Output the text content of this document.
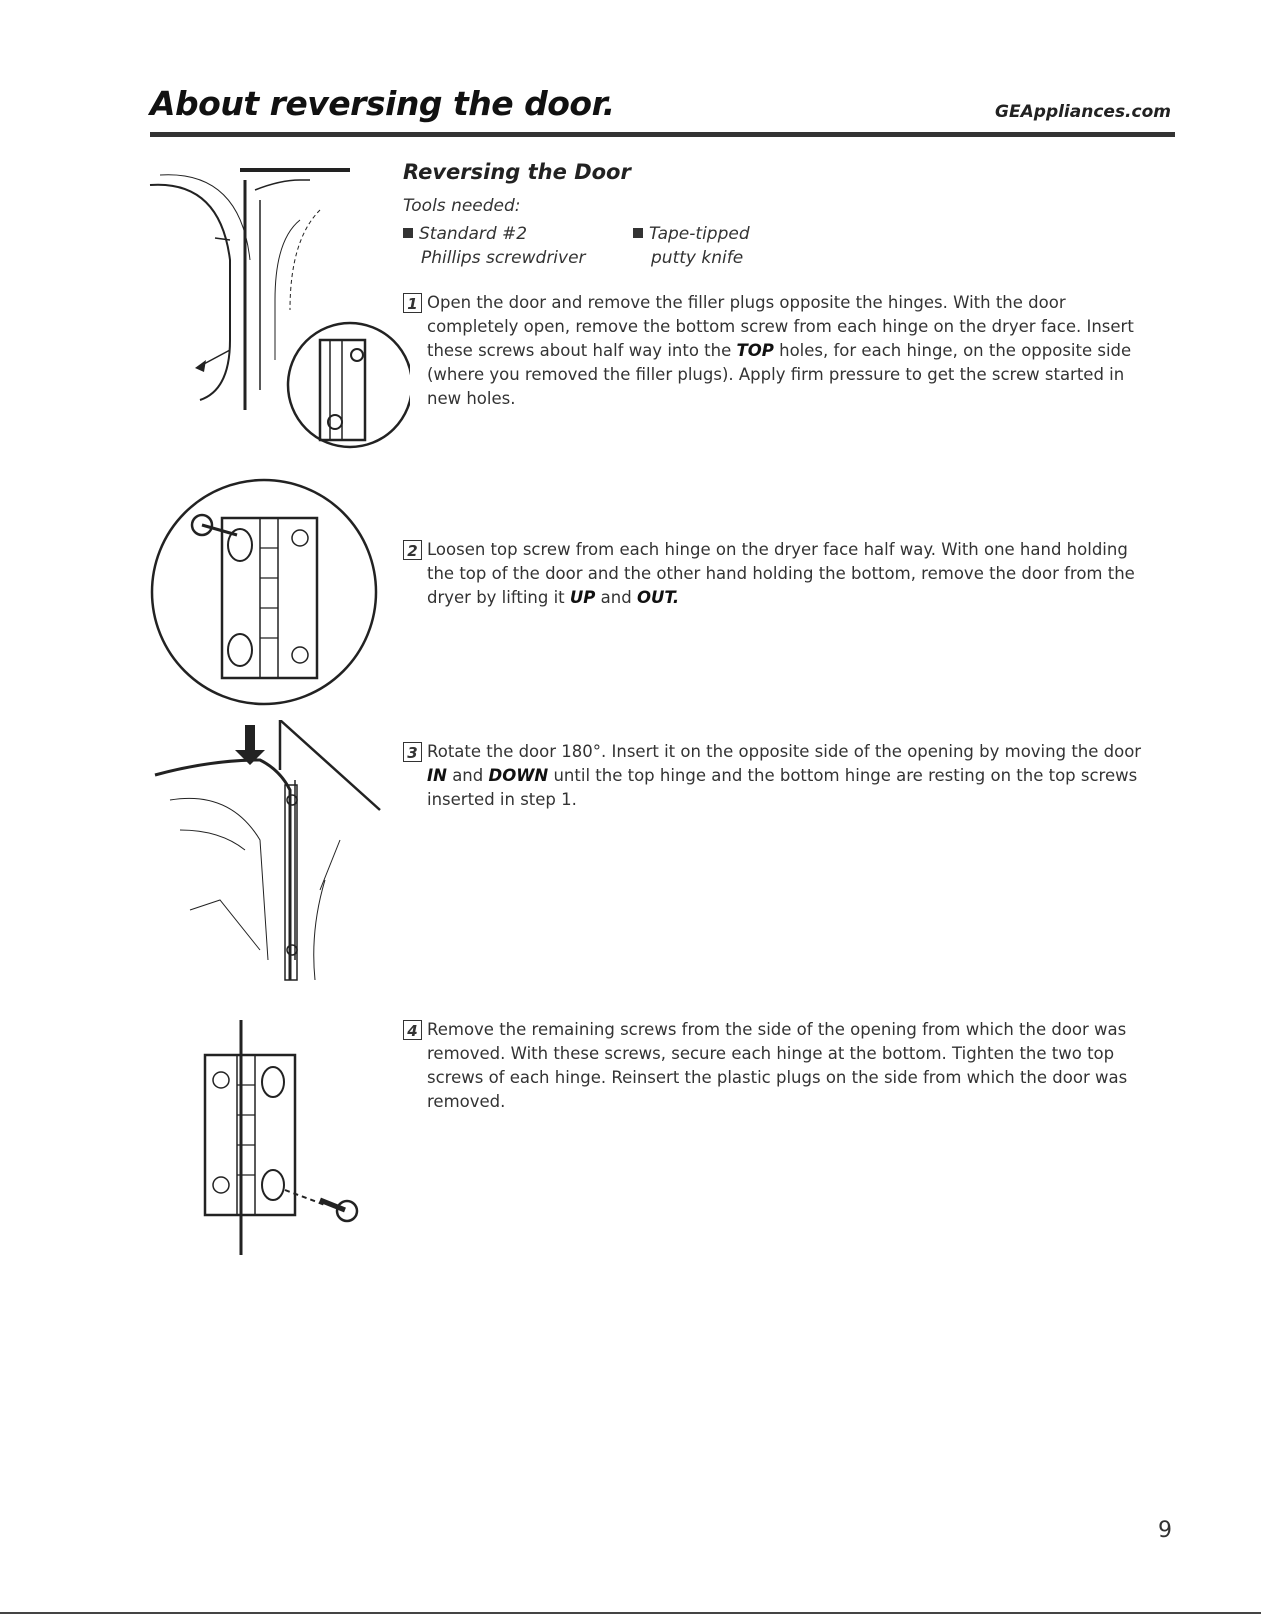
About reversing the door.	GEAppliances.com
Reversing the Door
Tools needed:
Standard #2
Phillips screwdriver
Tape-tipped
putty knife
1 Open the door and remove the filler plugs opposite the hinges. With the door completely open, remove the bottom screw from each hinge on the dryer face. Insert these screws about half way into the TOP holes, for each hinge, on the opposite side (where you removed the filler plugs). Apply firm pressure to get the screw started in new holes.
2 Loosen top screw from each hinge on the dryer face half way. With one hand holding the top of the door and the other hand holding the bottom, remove the door from the dryer by lifting it UP and OUT.
3 Rotate the door 180°. Insert it on the opposite side of the opening by moving the door IN and DOWN until the top hinge and the bottom hinge are resting on the top screws inserted in step 1.
4 Remove the remaining screws from the side of the opening from which the door was removed. With these screws, secure each hinge at the bottom. Tighten the two top screws of each hinge. Reinsert the plastic plugs on the side from which the door was removed.
9
